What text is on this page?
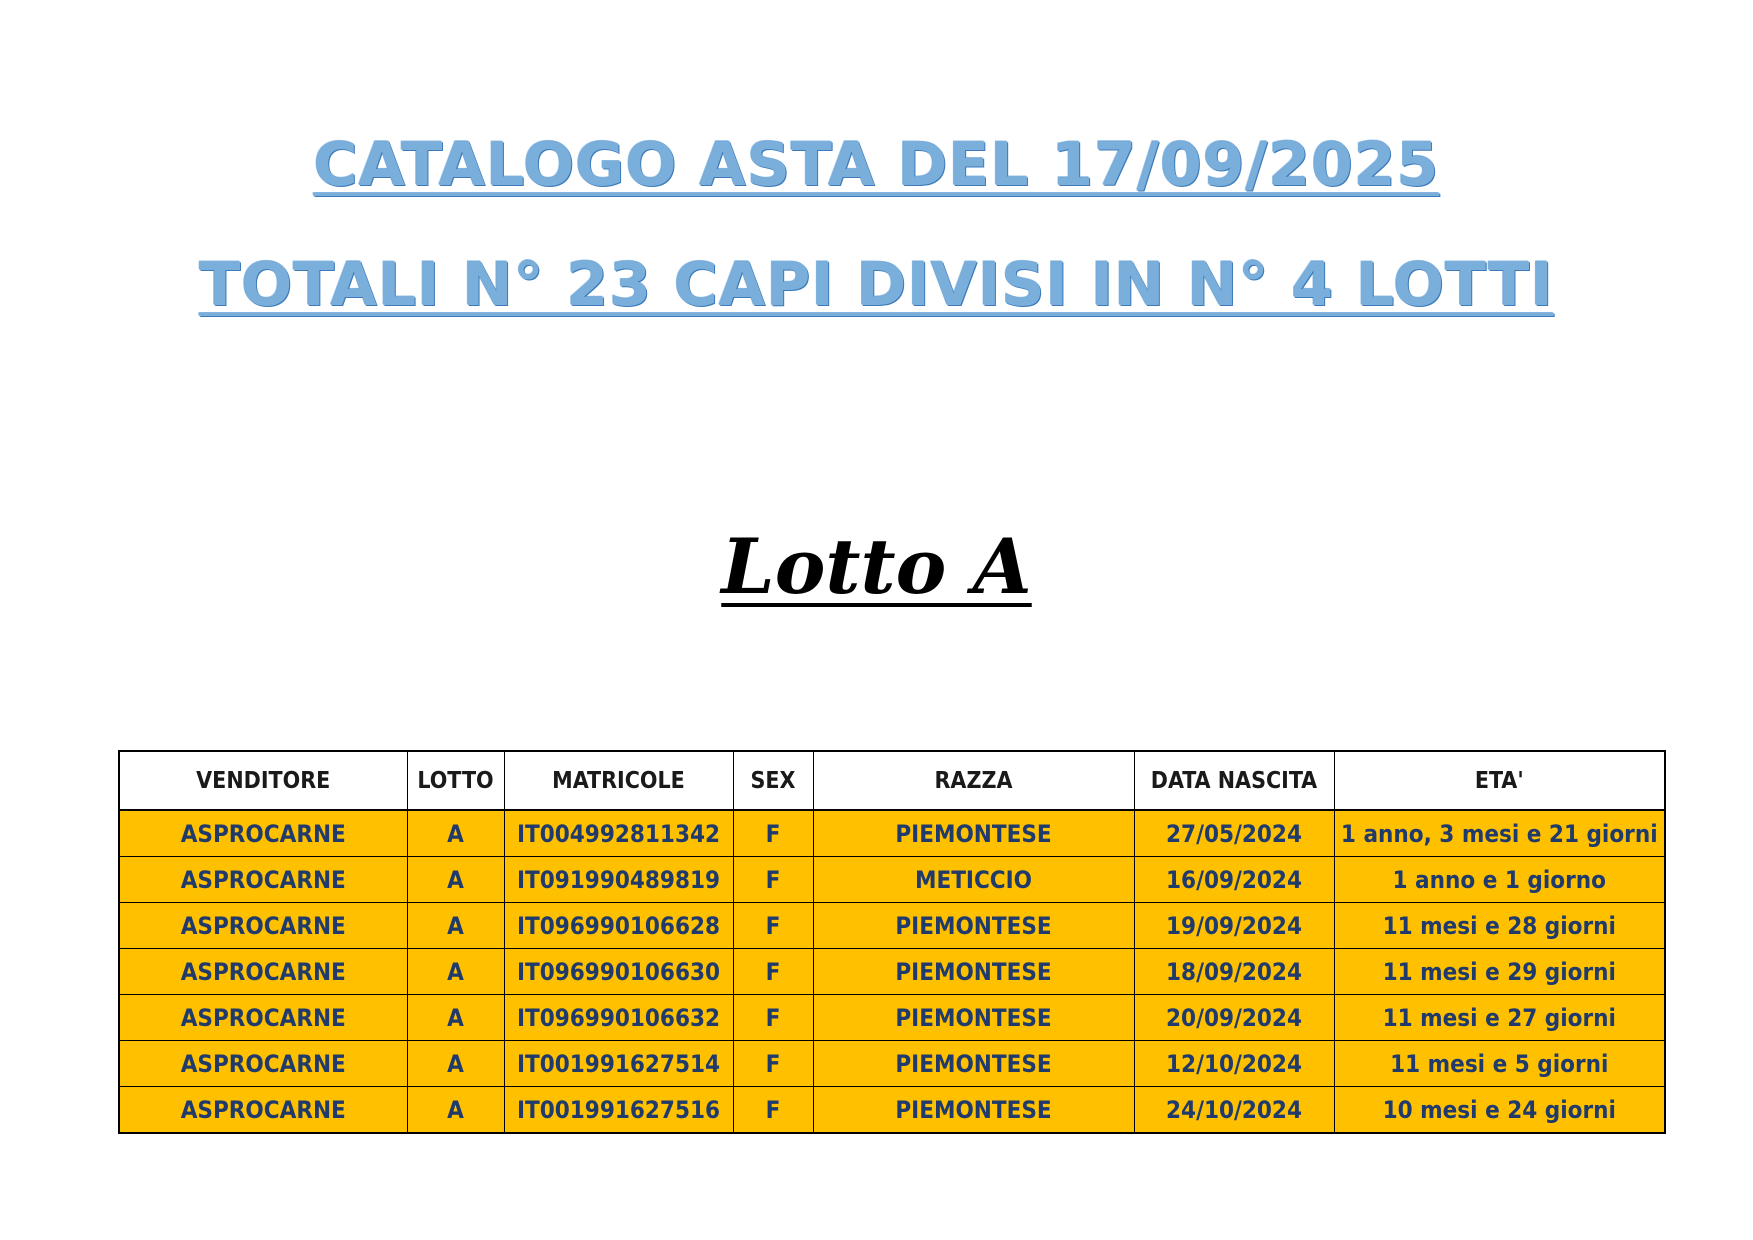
CATALOGO ASTA DEL 17/09/2025
TOTALI N° 23 CAPI DIVISI IN N° 4 LOTTI
Lotto A
VENDITORE	LOTTO	MATRICOLE	SEX	RAZZA	DATA NASCITA	ETA'
ASPROCARNE	A	IT004992811342	F	PIEMONTESE	27/05/2024	1 anno, 3 mesi e 21 giorni
ASPROCARNE	A	IT091990489819	F	METICCIO	16/09/2024	1 anno e 1 giorno
ASPROCARNE	A	IT096990106628	F	PIEMONTESE	19/09/2024	11 mesi e 28 giorni
ASPROCARNE	A	IT096990106630	F	PIEMONTESE	18/09/2024	11 mesi e 29 giorni
ASPROCARNE	A	IT096990106632	F	PIEMONTESE	20/09/2024	11 mesi e 27 giorni
ASPROCARNE	A	IT001991627514	F	PIEMONTESE	12/10/2024	11 mesi e 5 giorni
ASPROCARNE	A	IT001991627516	F	PIEMONTESE	24/10/2024	10 mesi e 24 giorni
